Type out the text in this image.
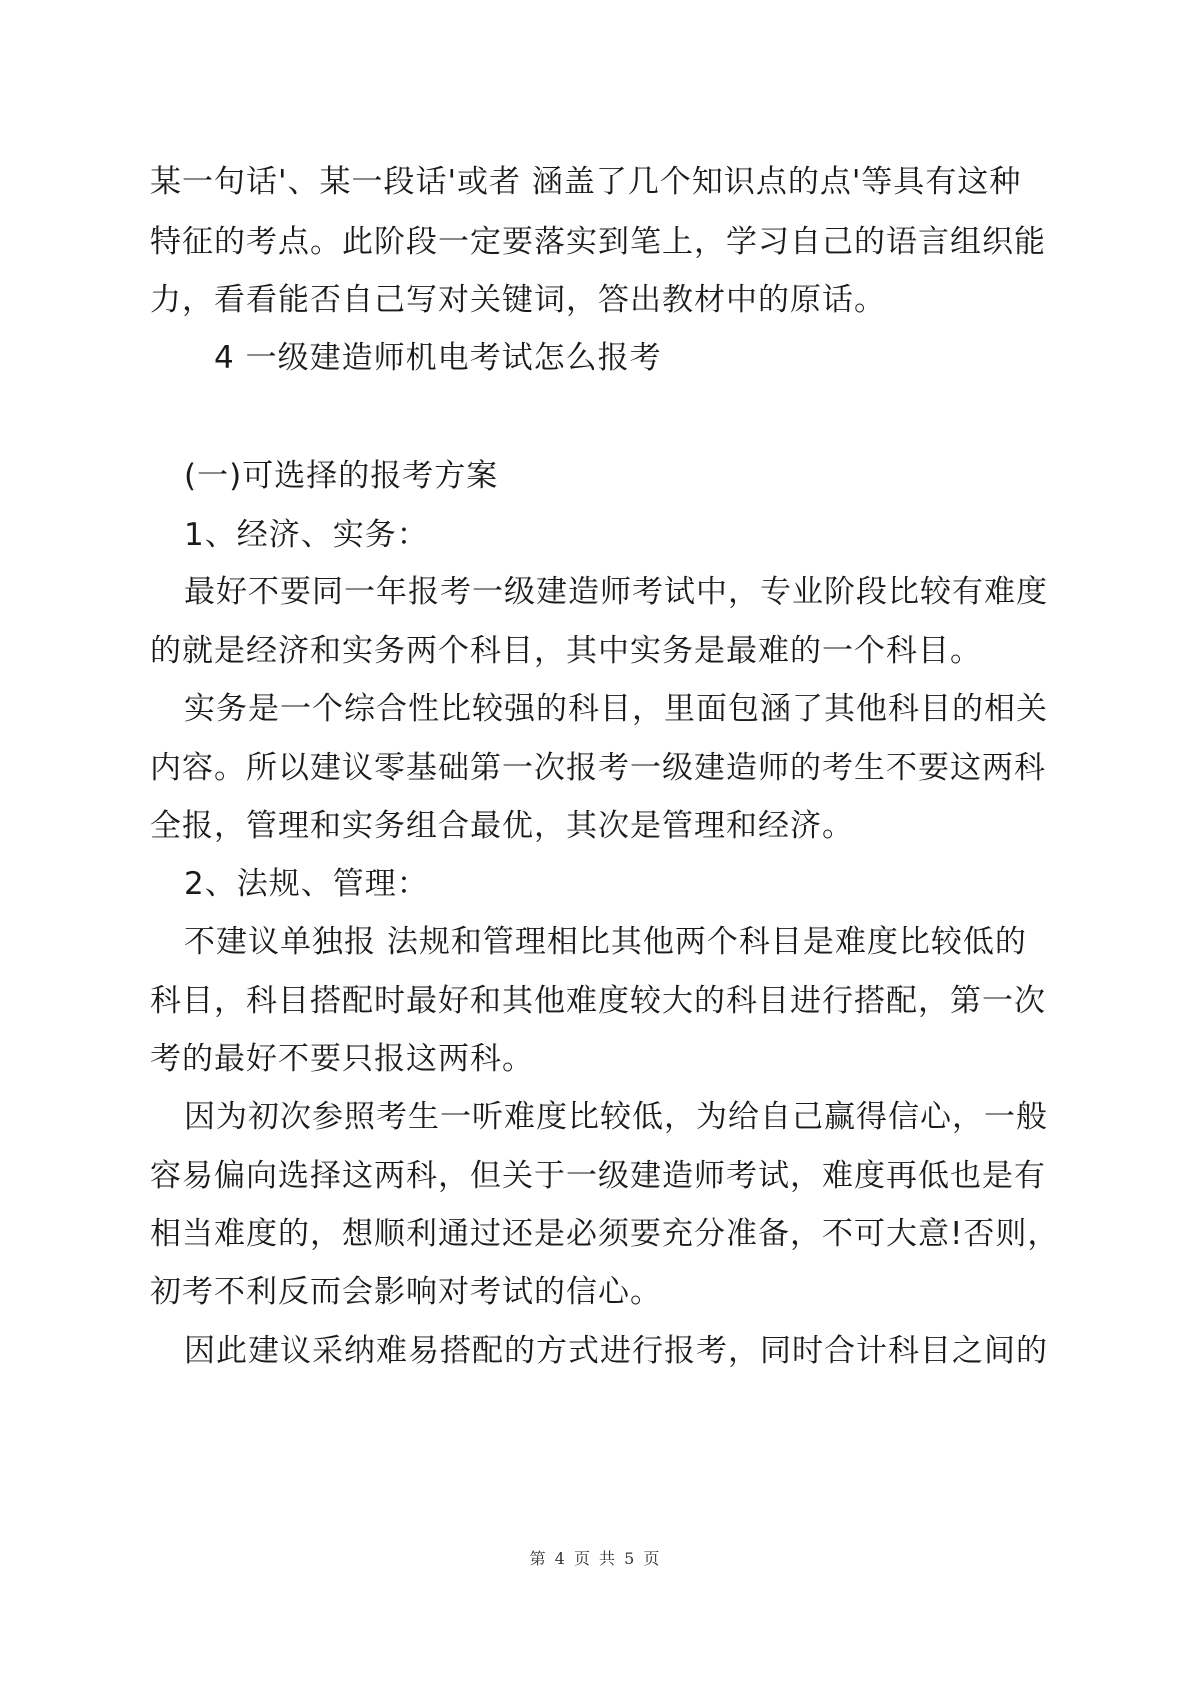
某一句话'、某一段话'或者 涵盖了几个知识点的点'等具有这种
特征的考点。此阶段一定要落实到笔上，学习自己的语言组织能
力，看看能否自己写对关键词，答出教材中的原话。
4 一级建造师机电考试怎么报考
(一)可选择的报考方案
1、经济、实务：
最好不要同一年报考一级建造师考试中，专业阶段比较有难度
的就是经济和实务两个科目，其中实务是最难的一个科目。
实务是一个综合性比较强的科目，里面包涵了其他科目的相关
内容。所以建议零基础第一次报考一级建造师的考生不要这两科
全报，管理和实务组合最优，其次是管理和经济。
2、法规、管理：
不建议单独报 法规和管理相比其他两个科目是难度比较低的
科目，科目搭配时最好和其他难度较大的科目进行搭配，第一次
考的最好不要只报这两科。
因为初次参照考生一听难度比较低，为给自己赢得信心，一般
容易偏向选择这两科，但关于一级建造师考试，难度再低也是有
相当难度的，想顺利通过还是必须要充分准备，不可大意!否则，
初考不利反而会影响对考试的信心。
因此建议采纳难易搭配的方式进行报考，同时合计科目之间的
第 4 页 共 5 页
